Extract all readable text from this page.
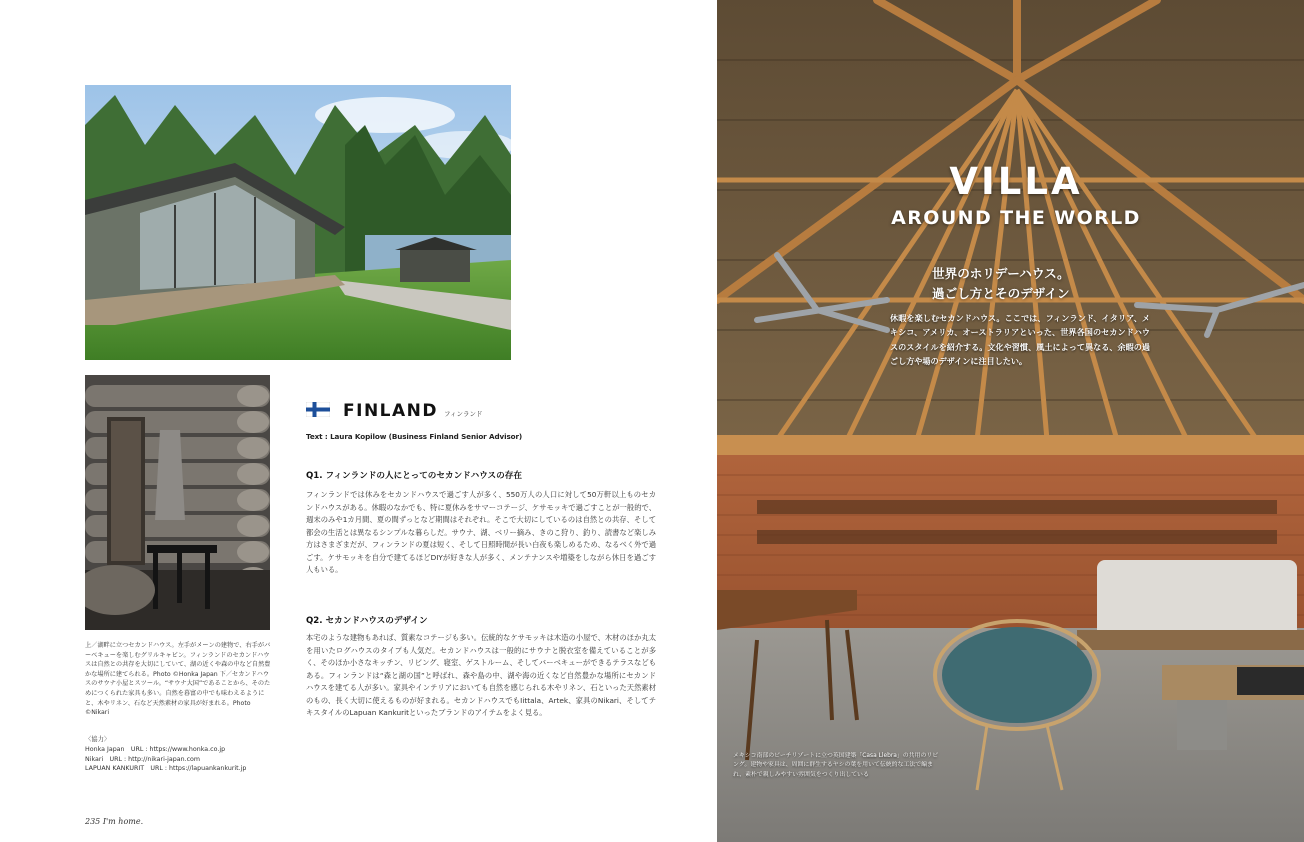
上／湖畔に立つセカンドハウス。左手がメーンの建物で、右手がバーベキューを楽しむグリルキャビン。フィンランドのセカンドハウスは自然との共存を大切にしていて、湖の近くや森の中など自然豊かな場所に建てられる。Photo ©Honka Japan 下／セカンドハウスのサウナ小屋とスツール。“サウナ大国”であることから、そのためにつくられた家具も多い。自然を暮富の中でも味わえるようにと、木やリネン、石など天然素材の家具が好まれる。Photo ©Nikari
〈協力〉
Honka Japan　URL : https://www.honka.co.jp
Nikari　URL : http://nikari-japan.com
LAPUAN KANKURIT　URL : https://lapuankankurit.jp
FINLAND フィンランド
Text : Laura Kopilow (Business Finland Senior Advisor)
Q1. フィンランドの人にとってのセカンドハウスの存在
フィンランドでは休みをセカンドハウスで過ごす人が多く、550万人の人口に対して50万軒以上ものセカンドハウスがある。休暇のなかでも、特に夏休みをサマーコテージ、ケサモッキで過ごすことが一般的で、週末のみや1カ月間、夏の間ずっとなど期間はそれぞれ。そこで大切にしているのは自然との共存、そして都会の生活とは異なるシンプルな暮らしだ。サウナ、湖、ベリー摘み、きのこ狩り、釣り、読書など楽しみ方はさまざまだが、フィンランドの夏は短く、そして日照時間が長い白夜も楽しめるため、なるべく外で過ごす。ケサモッキを自分で建てるほどDIYが好きな人が多く、メンテナンスや増築をしながら休日を過ごす人もいる。
Q2. セカンドハウスのデザイン
本宅のような建物もあれば、質素なコテージも多い。伝統的なケサモッキは木造の小屋で、木材のほか丸太を用いたログハウスのタイプも人気だ。セカンドハウスは一般的にサウナと脱衣室を備えていることが多く、そのほか小さなキッチン、リビング、寝室、ゲストルーム、そしてバーベキューができるテラスなどもある。フィンランドは“森と湖の国”と呼ばれ、森や島の中、湖や海の近くなど自然豊かな場所にセカンドハウスを建てる人が多い。家具やインテリアにおいても自然を感じられる木やリネン、石といった天然素材のもの、長く大切に使えるものが好まれる。セカンドハウスでもIittala、Artek、家具のNikari、そしてテキスタイルのLapuan Kankuritといったブランドのアイテムをよく見る。
235 I'm home.
VILLA
AROUND THE WORLD
世界のホリデーハウス。
過ごし方とそのデザイン
休暇を楽しむセカンドハウス。ここでは、フィンランド、イタリア、メキシコ、アメリカ、オーストラリアといった、世界各国のセカンドハウスのスタイルを紹介する。文化や習慣、風土によって異なる、余暇の過ごし方や場のデザインに注目したい。
メキシコ南部のビーチリゾートに立つ英国建築「Casa Llebra」の共用のリビング。建物や家具は、周囲に群生するヤシの葉を用いて伝統的な工法で編まれ、素朴で親しみやすい雰囲気をつくり出している
